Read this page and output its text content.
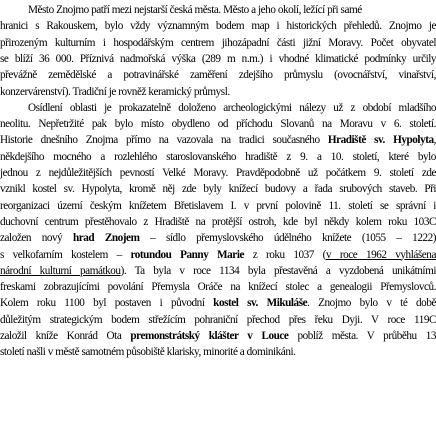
Město Znojmo patří mezi nejstarší česká města. Město a jeho okolí, ležící při samé
hranici s Rakouskem, bylo vždy významným bodem map i historických přehledů. Znojmo je
přirozeným kulturním i hospodářským centrem jihozápadní části jižní Moravy. Počet obyvatel
se blíží 36 000. Příznivá nadmořská výška (289 m n.m.) i vhodné klimatické podmínky určily
převážně zemědělské a potravinářské zaměření zdejšího průmyslu (ovocnářství, vinařství,
konzervárenství). Tradiční je rovněž keramický průmysl.
Osídlení oblasti je prokazatelně doloženo archeologickými nálezy už z období mladšího
neolitu. Nepřetržité pak bylo místo obydleno od příchodu Slovanů na Moravu v 6. století.
Historie dnešního Znojma přímo na vazovala na tradici současného Hradiště sv. Hypolyta,
někdejšího mocného a rozlehlého staroslovanského hradiště z 9. a 10. století, které bylo
jednou z nejdůležitějších pevností Velké Moravy. Pravděpodobně už počátkem 9. století zde
vznikl kostel sv. Hypolyta, kromě něj zde byly knížecí budovy a řada srubových staveb. Při
reorganizaci území českým knížetem Břetislavem I. v první polovině 11. století se správní i
duchovní centrum přestěhovalo z Hradiště na protější ostroh, kde byl někdy kolem roku 103C
založen nový hrad Znojem – sídlo přemyslovského údělného knížete (1055 – 1222)
s velkofarním kostelem – rotundou Panny Marie z roku 1037 (v roce 1962 vyhlášena
národní kulturní památkou). Ta byla v roce 1134 byla přestavěná a vyzdobená unikátními
freskami zobrazujícími povolání Přemysla Oráče na knížecí stolec a genealogii Přemyslovců.
Kolem roku 1100 byl postaven i původní kostel sv. Mikuláše. Znojmo bylo v té době
důležitým strategickým bodem střežícím pohraniční přechod přes řeku Dyji. V roce 119C
založil kníže Konrád Ota premonstrátský klášter v Louce poblíž města. V průběhu 13
století našli v městě samotném působiště klarisky, minorité a dominikáni.
